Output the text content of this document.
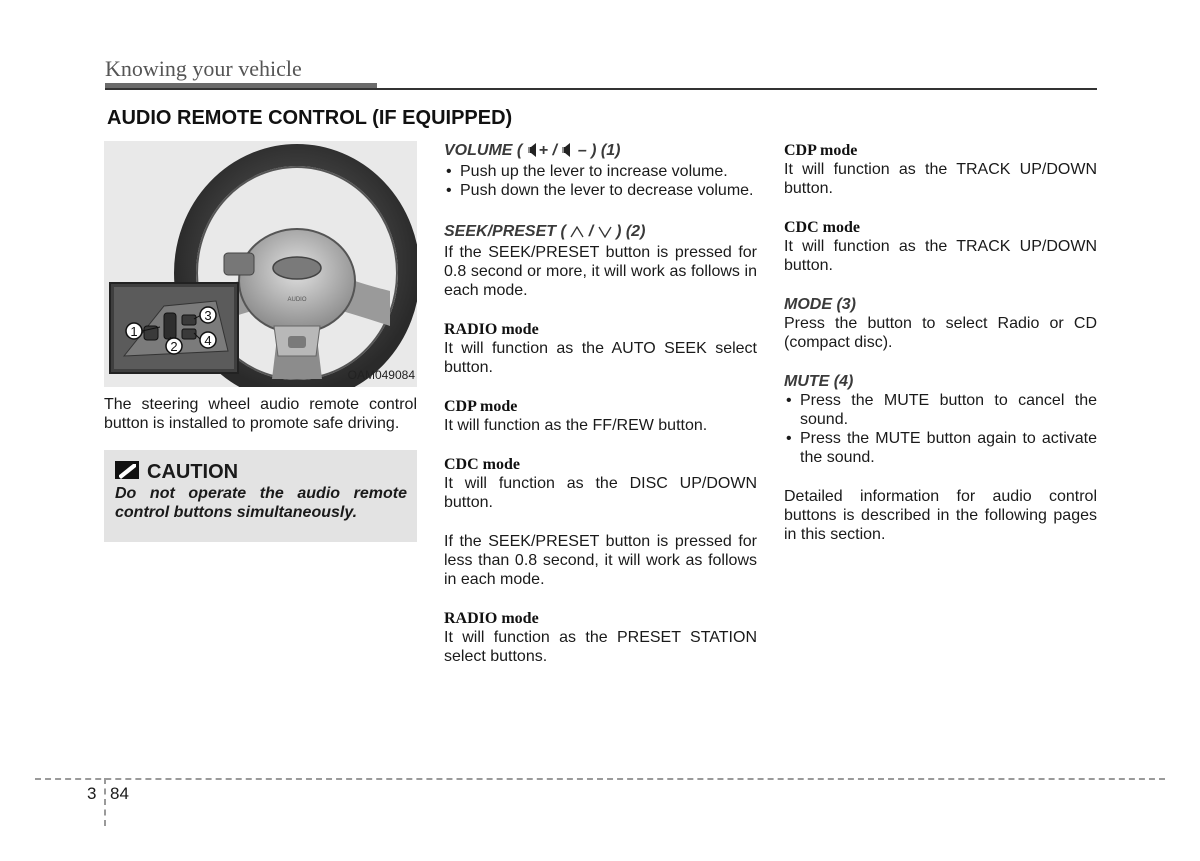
Knowing your vehicle
AUDIO REMOTE CONTROL (IF EQUIPPED)
AUDIO
1
2
3
4
OAM049084

The steering wheel audio remote control button is installed to promote safe driving.

CAUTION
Do not operate the audio remote control buttons simultaneously.

VOLUME ( + / – ) (1)

• Push up the lever to increase volume.
• Push down the lever to decrease volume.

SEEK/PRESET ( / ) (2)

If the SEEK/PRESET button is pressed for 0.8 second or more, it will work as follows in each mode.

RADIO mode

It will function as the AUTO SEEK select button.

CDP mode

It will function as the FF/REW button.

CDC mode

It will function as the DISC UP/DOWN button.

If the SEEK/PRESET button is pressed for less than 0.8 second, it will work as follows in each mode.

RADIO mode

It will function as the PRESET STATION select buttons.

CDP mode

It will function as the TRACK UP/DOWN button.

CDC mode

It will function as the TRACK UP/DOWN button.

MODE (3)

Press the button to select Radio or CD (compact disc).

MUTE (4)

• Press the MUTE button to cancel the sound.
• Press the MUTE button again to activate the sound.

Detailed information for audio control buttons is described in the following pages in this section.

3 84
